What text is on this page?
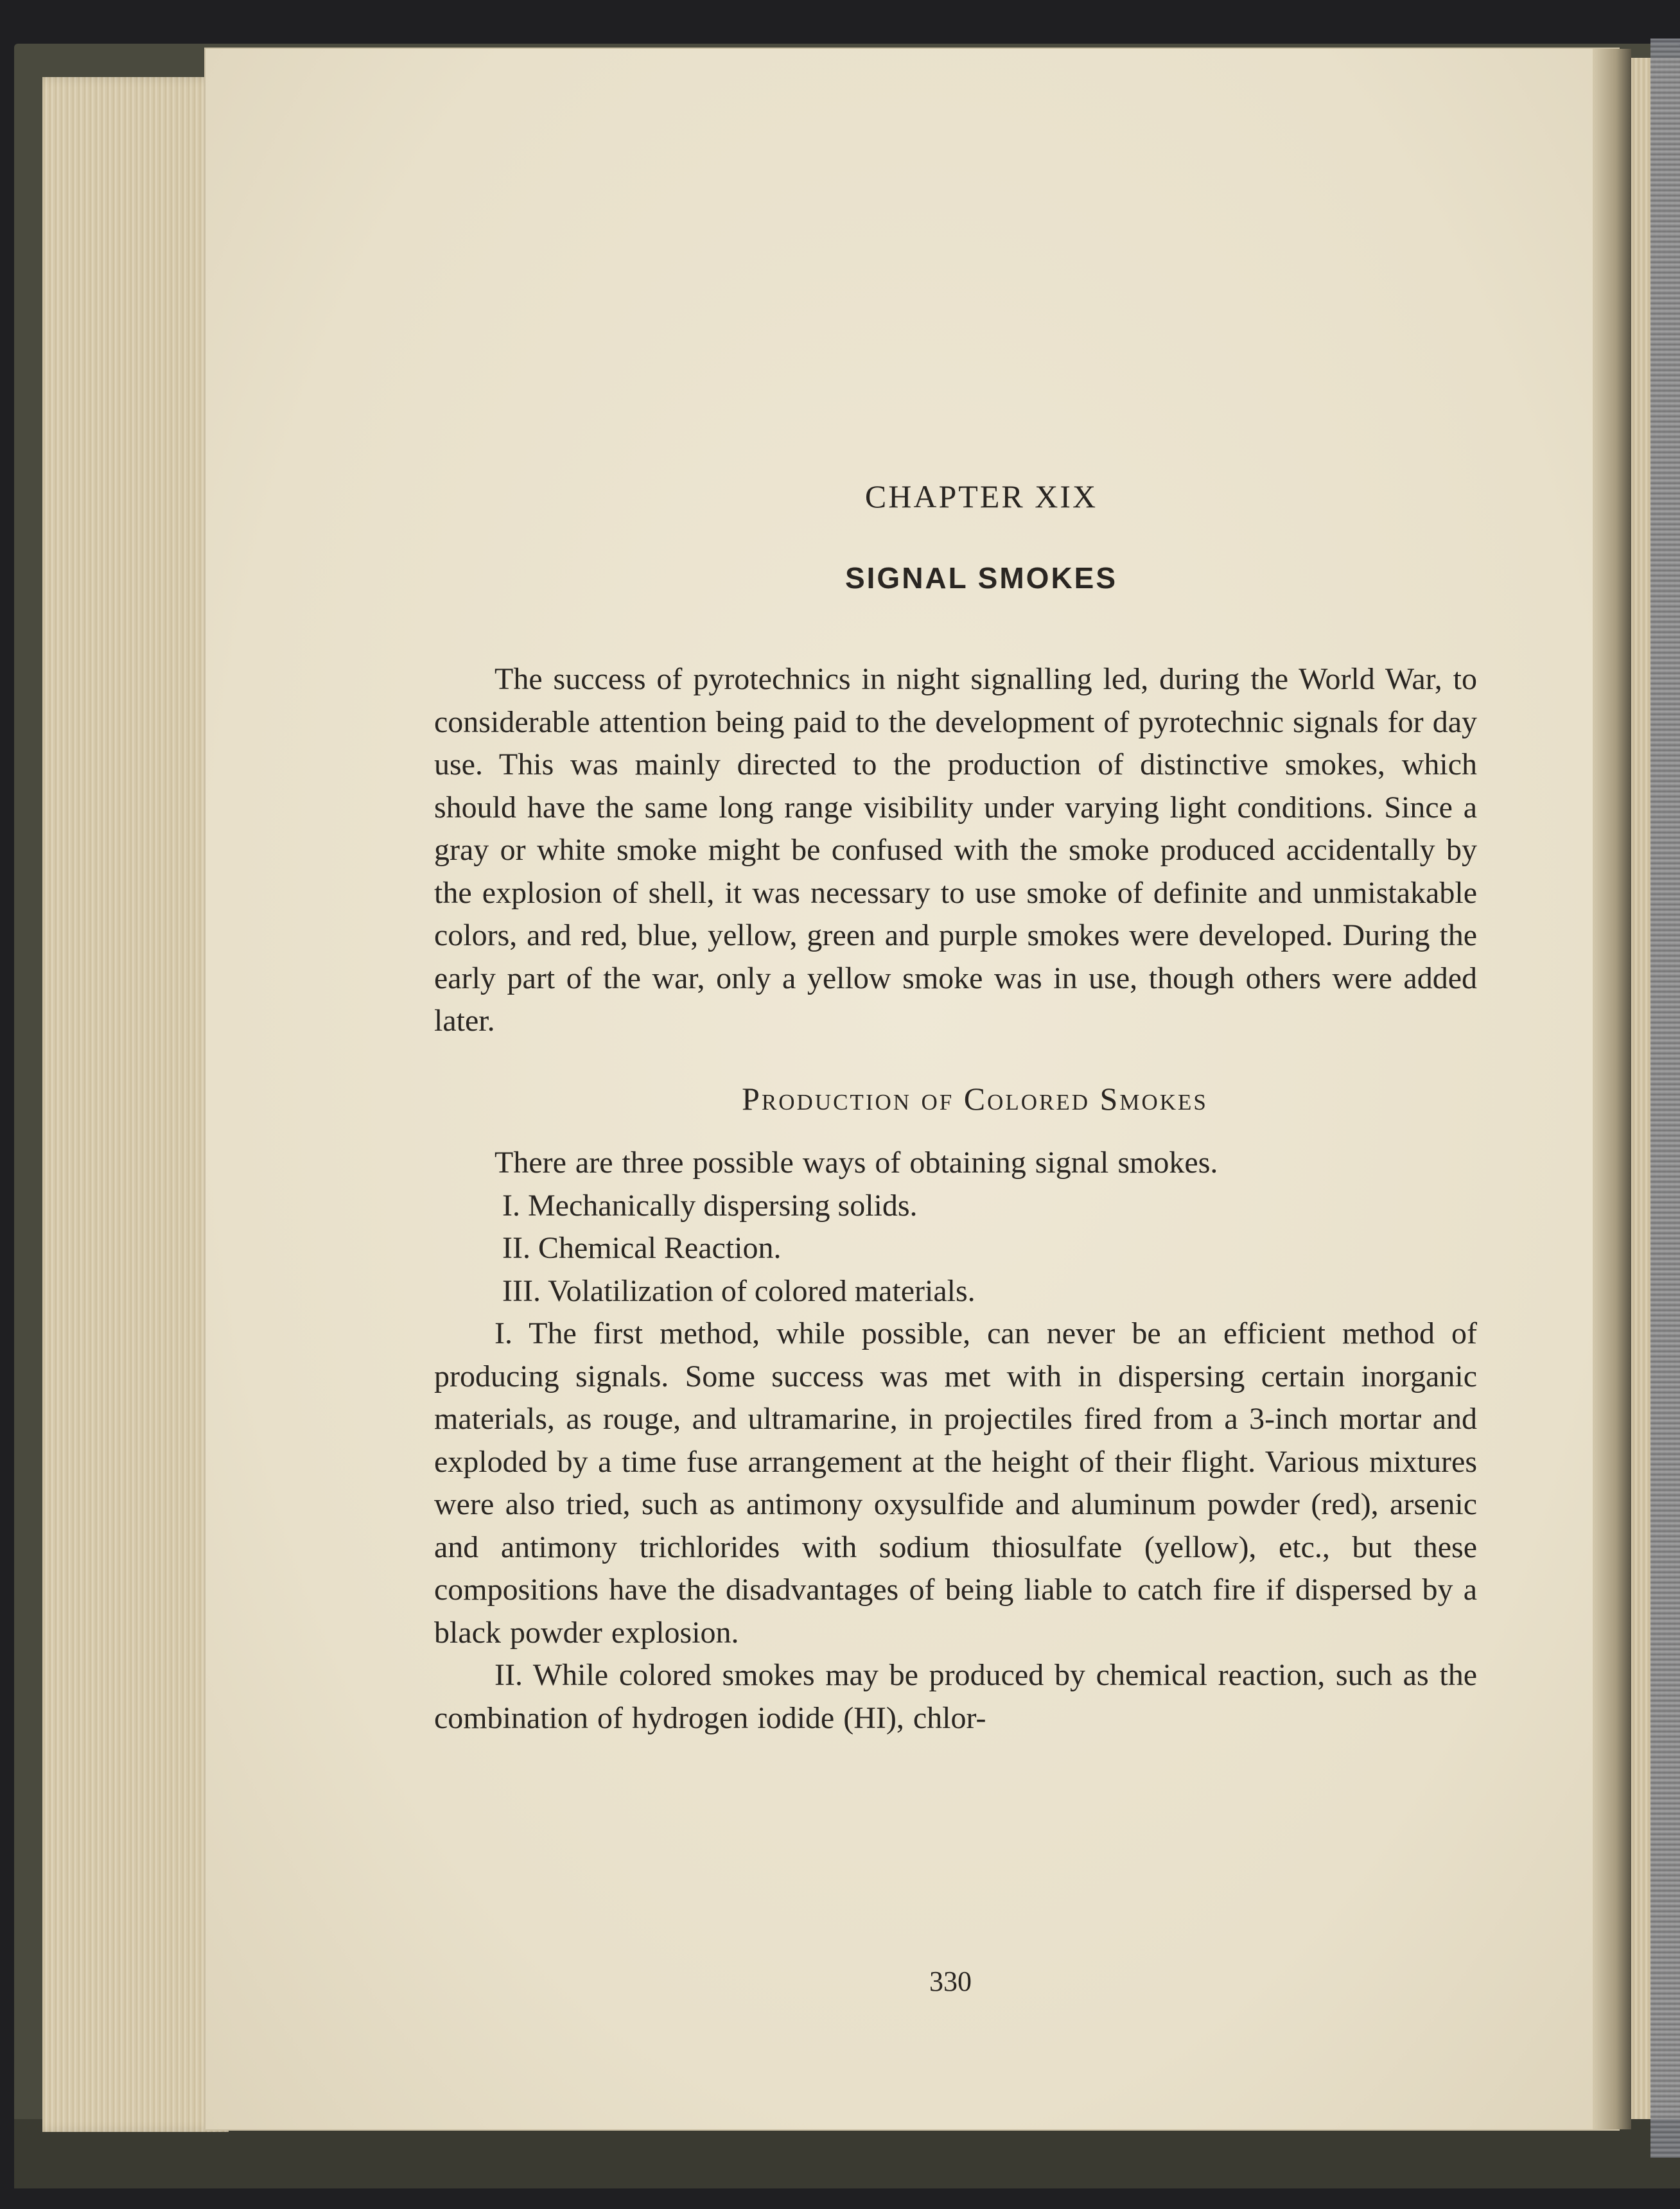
CHAPTER XIX

SIGNAL SMOKES

The success of pyrotechnics in night signalling led, during the World War, to considerable attention being paid to the development of pyrotechnic signals for day use. This was mainly directed to the production of distinctive smokes, which should have the same long range visibility under varying light conditions. Since a gray or white smoke might be confused with the smoke produced accidentally by the explosion of shell, it was necessary to use smoke of definite and unmistakable colors, and red, blue, yellow, green and purple smokes were developed. During the early part of the war, only a yellow smoke was in use, though others were added later.

Production of Colored Smokes

There are three possible ways of obtaining signal smokes.

I. Mechanically dispersing solids.

II. Chemical Reaction.

III. Volatilization of colored materials.

I. The first method, while possible, can never be an efficient method of producing signals. Some success was met with in dispersing certain inorganic materials, as rouge, and ultramarine, in projectiles fired from a 3-inch mortar and exploded by a time fuse arrangement at the height of their flight. Various mixtures were also tried, such as antimony oxysulfide and aluminum powder (red), arsenic and antimony trichlorides with sodium thiosulfate (yellow), etc., but these compositions have the disadvantages of being liable to catch fire if dispersed by a black powder explosion.

II. While colored smokes may be produced by chemical reaction, such as the combination of hydrogen iodide (HI), chlor-

330
